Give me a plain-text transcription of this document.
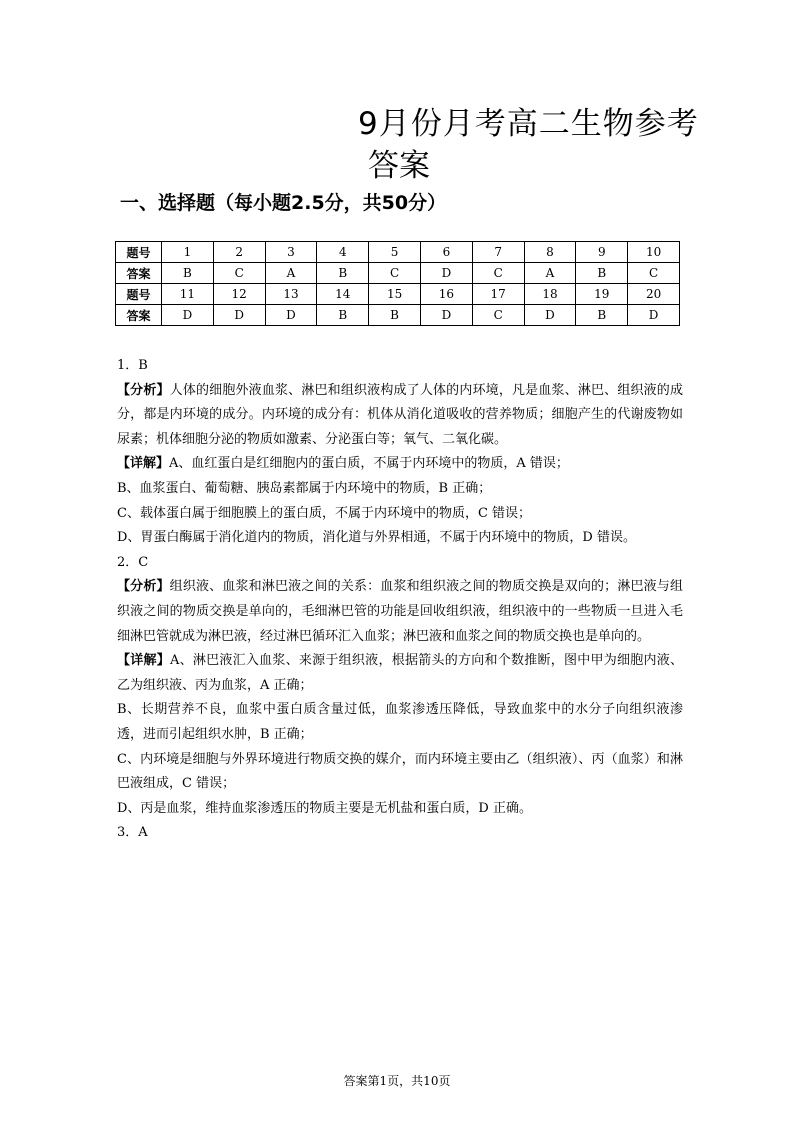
9月份月考高二生物参考
答案
一、选择题（每小题2.5分，共50分）
题号	1	2	3	4	5	6	7	8	9	10
答案	B	C	A	B	C	D	C	A	B	C
题号	11	12	13	14	15	16	17	18	19	20
答案	D	D	D	B	B	D	C	D	B	D

1．B

【分析】人体的细胞外液血浆、淋巴和组织液构成了人体的内环境，凡是血浆、淋巴、组织液的成分，都是内环境的成分。内环境的成分有：机体从消化道吸收的营养物质；细胞产生的代谢废物如尿素；机体细胞分泌的物质如激素、分泌蛋白等；氧气、二氧化碳。

【详解】A、血红蛋白是红细胞内的蛋白质，不属于内环境中的物质，A 错误；

B、血浆蛋白、葡萄糖、胰岛素都属于内环境中的物质，B 正确；

C、载体蛋白属于细胞膜上的蛋白质，不属于内环境中的物质，C 错误；

D、胃蛋白酶属于消化道内的物质，消化道与外界相通，不属于内环境中的物质，D 错误。

2．C

【分析】组织液、血浆和淋巴液之间的关系：血浆和组织液之间的物质交换是双向的；淋巴液与组织液之间的物质交换是单向的，毛细淋巴管的功能是回收组织液，组织液中的一些物质一旦进入毛细淋巴管就成为淋巴液，经过淋巴循环汇入血浆；淋巴液和血浆之间的物质交换也是单向的。

【详解】A、淋巴液汇入血浆、来源于组织液，根据箭头的方向和个数推断，图中甲为细胞内液、乙为组织液、丙为血浆，A 正确；

B、长期营养不良，血浆中蛋白质含量过低，血浆渗透压降低，导致血浆中的水分子向组织液渗透，进而引起组织水肿，B 正确；

C、内环境是细胞与外界环境进行物质交换的媒介，而内环境主要由乙（组织液）、丙（血浆）和淋巴液组成，C 错误；

D、丙是血浆，维持血浆渗透压的物质主要是无机盐和蛋白质，D 正确。

3．A

答案第1页，共10页
